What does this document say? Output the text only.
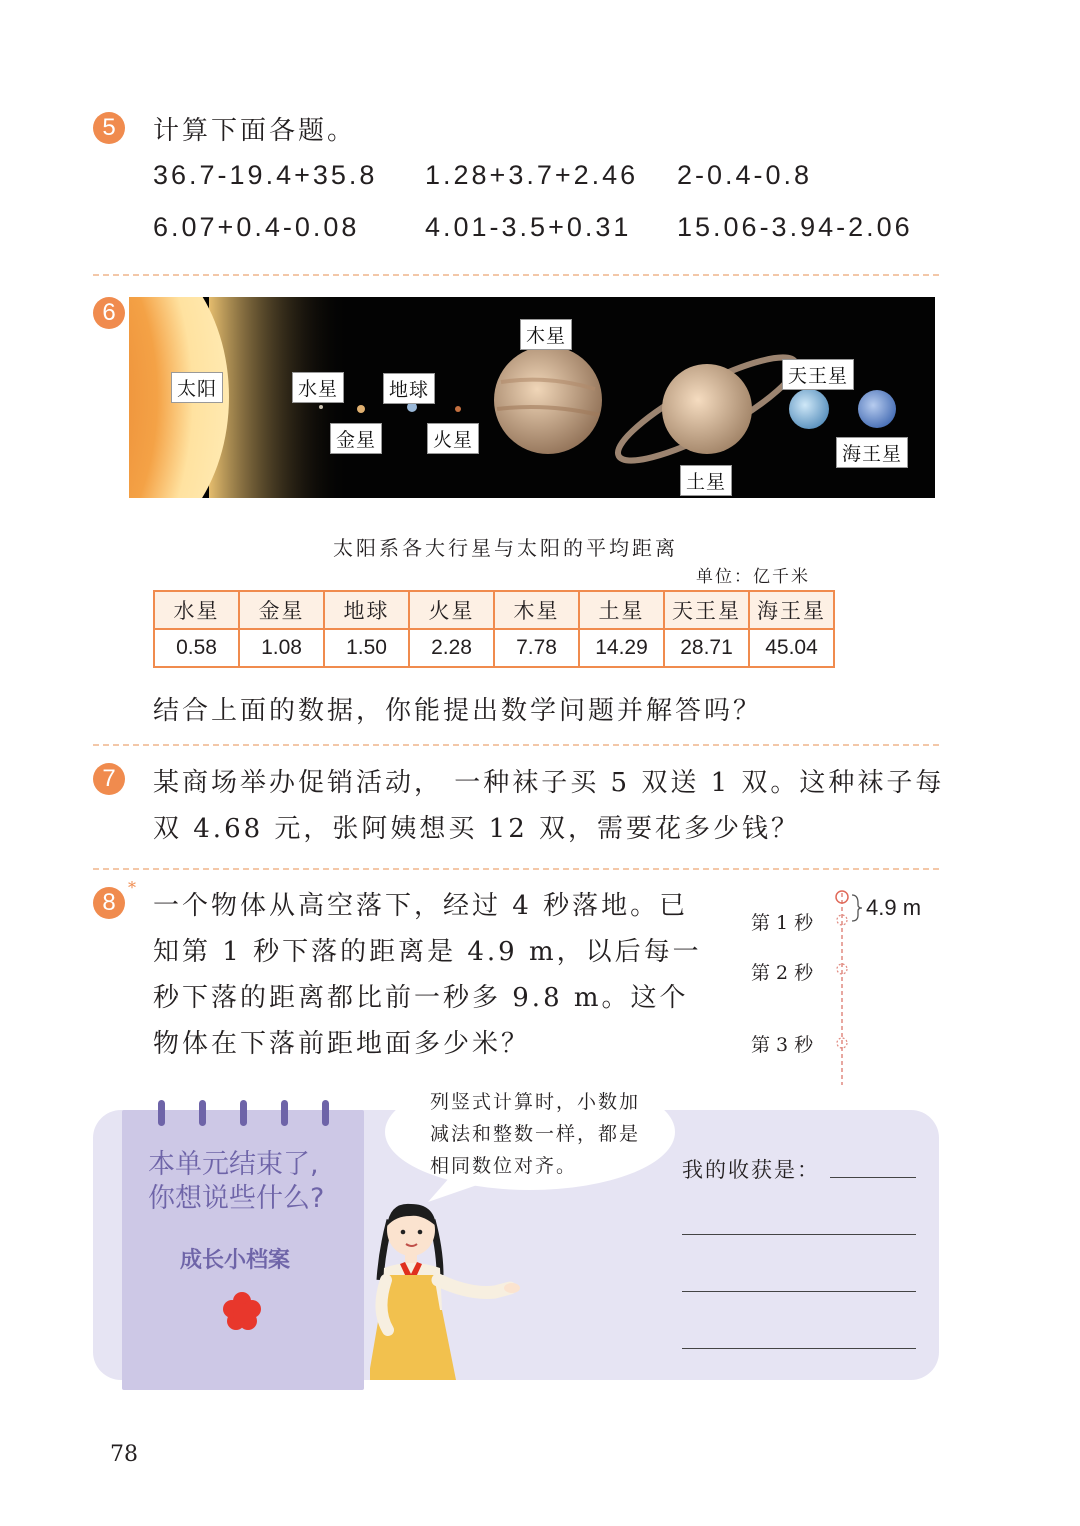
5	计算下面各题。
36.7-19.4+35.8 1.28+3.7+2.46 2-0.4-0.8
6.07+0.4-0.08 4.01-3.5+0.31 15.06-3.94-2.06
太阳	水星	地球
金星	火星
木星
天王星
海王星
土星
6
太阳系各大行星与太阳的平均距离
单位：亿千米
水星	金星	地球	火星	木星	土星	天王星	海王星
0.58	1.08	1.50	2.28	7.78	14.29	28.71	45.04
结合上面的数据，你能提出数学问题并解答吗？
7	某商场举办促销活动， 一种袜子买 5 双送 1 双。这种袜子每
双 4.68 元，张阿姨想买 12 双，需要花多少钱？
8
*
一个物体从高空落下，经过 4 秒落地。已
知第 1 秒下落的距离是 4.9 m，以后每一
秒下落的距离都比前一秒多 9.8 m。这个
物体在下落前距地面多少米？
4.9 m
第 1 秒
第 2 秒
第 3 秒
本单元结束了,
你想说些什么?
成长小档案
列竖式计算时，小数加
减法和整数一样，都是
相同数位对齐。	我的收获是：
78
